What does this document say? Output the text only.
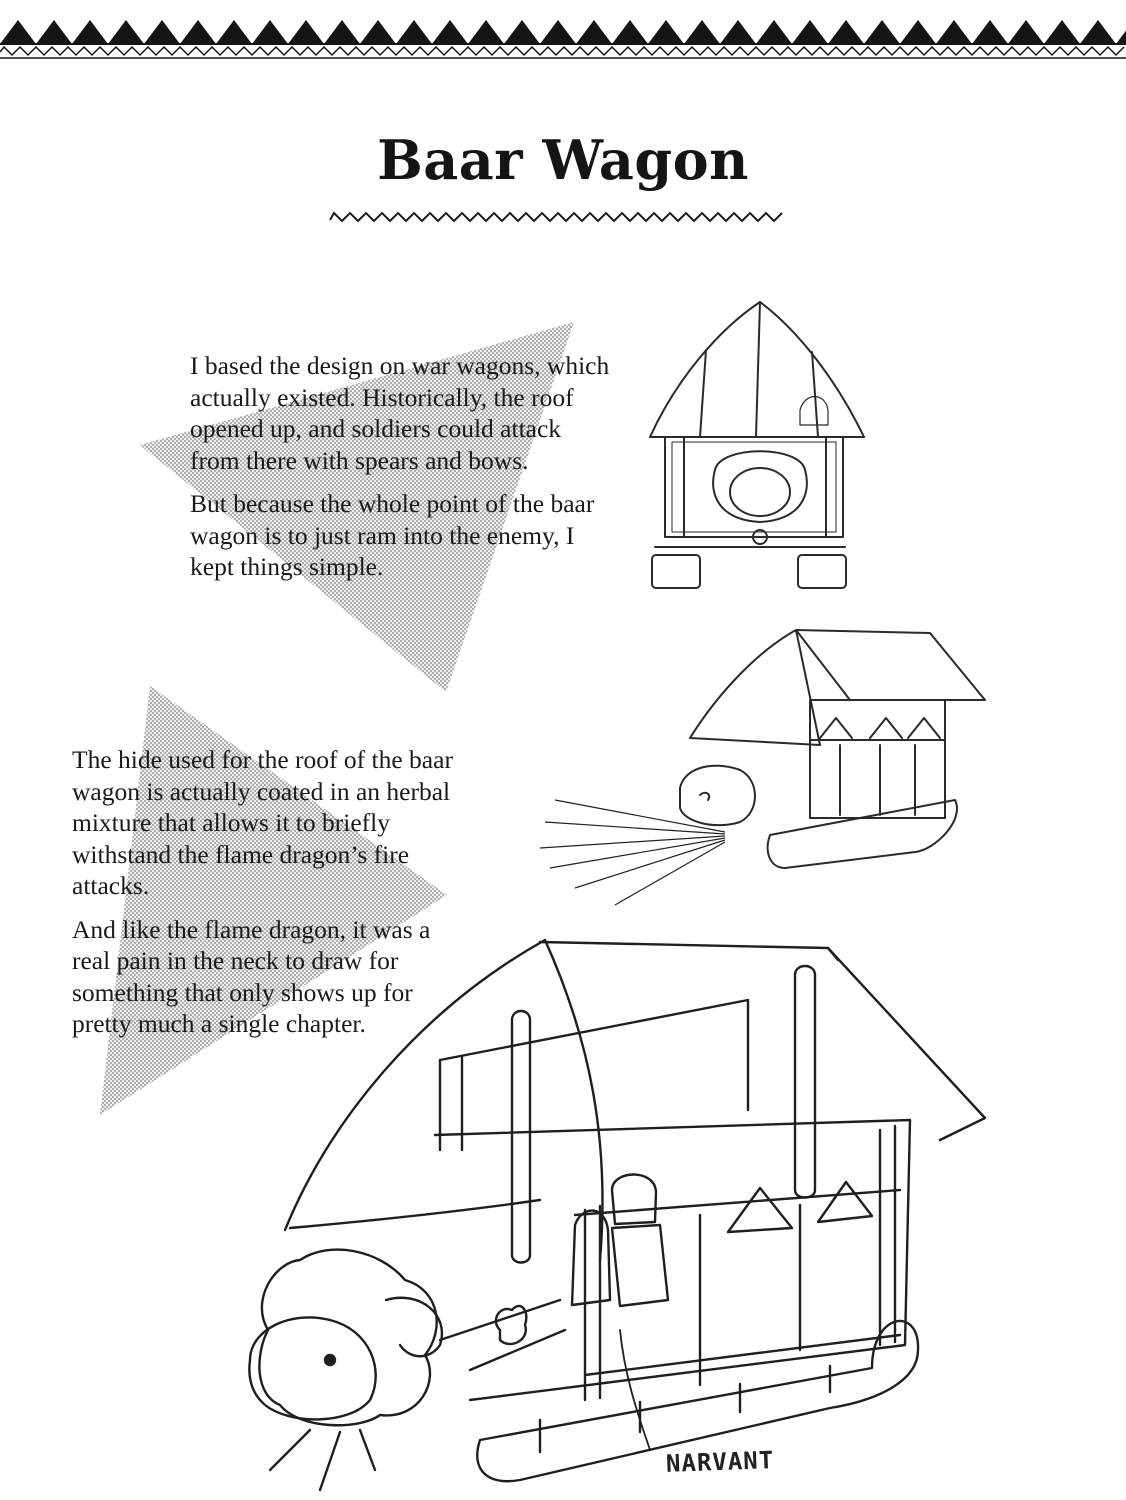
Baar Wagon

I based the design on war wagons, which actually existed. Historically, the roof opened up, and soldiers could attack from there with spears and bows.

But because the whole point of the baar wagon is to just ram into the enemy, I kept things simple.

The hide used for the roof of the baar wagon is actually coated in an herbal mixture that allows it to briefly withstand the flame dragon’s fire attacks.

And like the flame dragon, it was a real pain in the neck to draw for something that only shows up for pretty much a single chapter.

NARVANT
